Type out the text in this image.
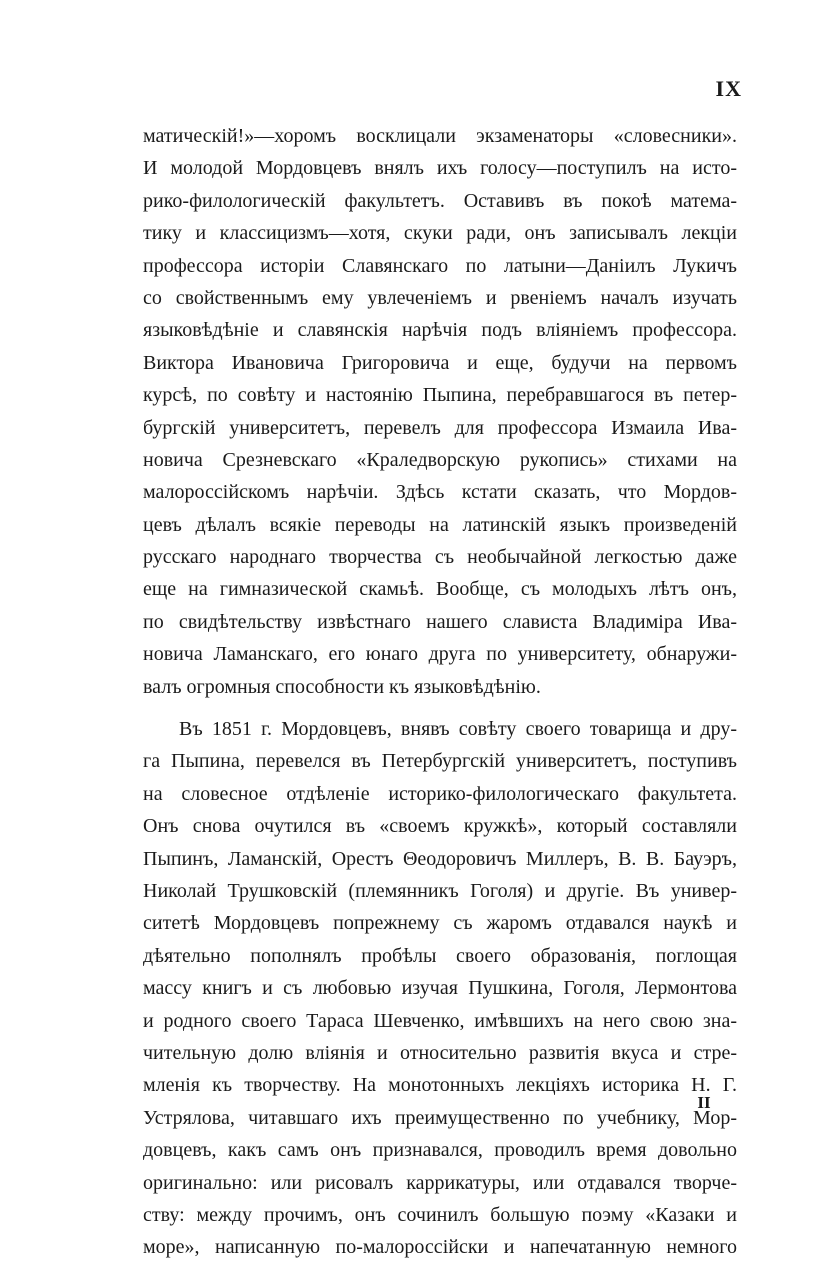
IX
матическій!»—хоромъ восклицали экзаменаторы «словесники».
И молодой Мордовцевъ внялъ ихъ голосу—поступилъ на исто-
рико-филологическій факультетъ. Оставивъ въ покоѣ матема-
тику и классицизмъ—хотя, скуки ради, онъ записывалъ лекціи
профессора исторіи Славянскаго по латыни—Даніилъ Лукичъ
со свойственнымъ ему увлеченіемъ и рвеніемъ началъ изучать
языковѣдѣніе и славянскія нарѣчія подъ вліяніемъ профессора.
Виктора Ивановича Григоровича и еще, будучи на первомъ
курсѣ, по совѣту и настоянію Пыпина, перебравшагося въ петер-
бургскій университетъ, перевелъ для профессора Измаила Ива-
новича Срезневскаго «Краледворскую рукопись» стихами на
малороссійскомъ нарѣчіи. Здѣсь кстати сказать, что Мордов-
цевъ дѣлалъ всякіе переводы на латинскій языкъ произведеній
русскаго народнаго творчества съ необычайной легкостью даже
еще на гимназической скамьѣ. Вообще, съ молодыхъ лѣтъ онъ,
по свидѣтельству извѣстнаго нашего слависта Владиміра Ива-
новича Ламанскаго, его юнаго друга по университету, обнаружи-
валъ огромныя способности къ языковѣдѣнію.
Въ 1851 г. Мордовцевъ, внявъ совѣту своего товарища и дру-
га Пыпина, перевелся въ Петербургскій университетъ, поступивъ
на словесное отдѣленіе историко-филологическаго факультета.
Онъ снова очутился въ «своемъ кружкѣ», который составляли
Пыпинъ, Ламанскій, Орестъ Θеодоровичъ Миллеръ, В. В. Бауэръ,
Николай Трушковскій (племянникъ Гоголя) и другіе. Въ универ-
ситетѣ Мордовцевъ попрежнему съ жаромъ отдавался наукѣ и
дѣятельно пополнялъ пробѣлы своего образованія, поглощая
массу книгъ и съ любовью изучая Пушкина, Гоголя, Лермонтова
и родного своего Тараса Шевченко, имѣвшихъ на него свою зна-
чительную долю вліянія и относительно развитія вкуса и стре-
мленія къ творчеству. На монотонныхъ лекціяхъ историка Н. Г.
Устрялова, читавшаго ихъ преимущественно по учебнику, Мор-
довцевъ, какъ самъ онъ признавался, проводилъ время довольно
оригинально: или рисовалъ каррикатуры, или отдавался творче-
ству: между прочимъ, онъ сочинилъ большую поэму «Казаки и
море», написанную по-малороссійски и напечатанную немного
II
